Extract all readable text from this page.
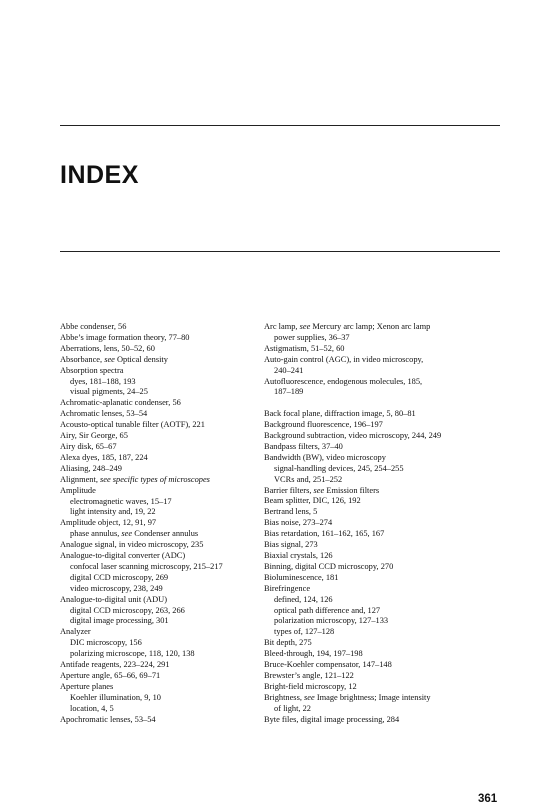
INDEX
Abbe condenser, 56
Abbe’s image formation theory, 77–80
Aberrations, lens, 50–52, 60
Absorbance, see Optical density
Absorption spectra
dyes, 181–188, 193
visual pigments, 24–25
Achromatic-aplanatic condenser, 56
Achromatic lenses, 53–54
Acousto-optical tunable filter (AOTF), 221
Airy, Sir George, 65
Airy disk, 65–67
Alexa dyes, 185, 187, 224
Aliasing, 248–249
Alignment, see specific types of microscopes
Amplitude
electromagnetic waves, 15–17
light intensity and, 19, 22
Amplitude object, 12, 91, 97
phase annulus, see Condenser annulus
Analogue signal, in video microscopy, 235
Analogue-to-digital converter (ADC)
confocal laser scanning microscopy, 215–217
digital CCD microscopy, 269
video microscopy, 238, 249
Analogue-to-digital unit (ADU)
digital CCD microscopy, 263, 266
digital image processing, 301
Analyzer
DIC microscopy, 156
polarizing microscope, 118, 120, 138
Antifade reagents, 223–224, 291
Aperture angle, 65–66, 69–71
Aperture planes
Koehler illumination, 9, 10
location, 4, 5
Apochromatic lenses, 53–54
Arc lamp, see Mercury arc lamp; Xenon arc lamp
power supplies, 36–37
Astigmatism, 51–52, 60
Auto-gain control (AGC), in video microscopy,
240–241
Autofluorescence, endogenous molecules, 185,
187–189
Back focal plane, diffraction image, 5, 80–81
Background fluorescence, 196–197
Background subtraction, video microscopy, 244, 249
Bandpass filters, 37–40
Bandwidth (BW), video microscopy
signal-handling devices, 245, 254–255
VCRs and, 251–252
Barrier filters, see Emission filters
Beam splitter, DIC, 126, 192
Bertrand lens, 5
Bias noise, 273–274
Bias retardation, 161–162, 165, 167
Bias signal, 273
Biaxial crystals, 126
Binning, digital CCD microscopy, 270
Bioluminescence, 181
Birefringence
defined, 124, 126
optical path difference and, 127
polarization microscopy, 127–133
types of, 127–128
Bit depth, 275
Bleed-through, 194, 197–198
Bruce-Koehler compensator, 147–148
Brewster’s angle, 121–122
Bright-field microscopy, 12
Brightness, see Image brightness; Image intensity
of light, 22
Byte files, digital image processing, 284
361
